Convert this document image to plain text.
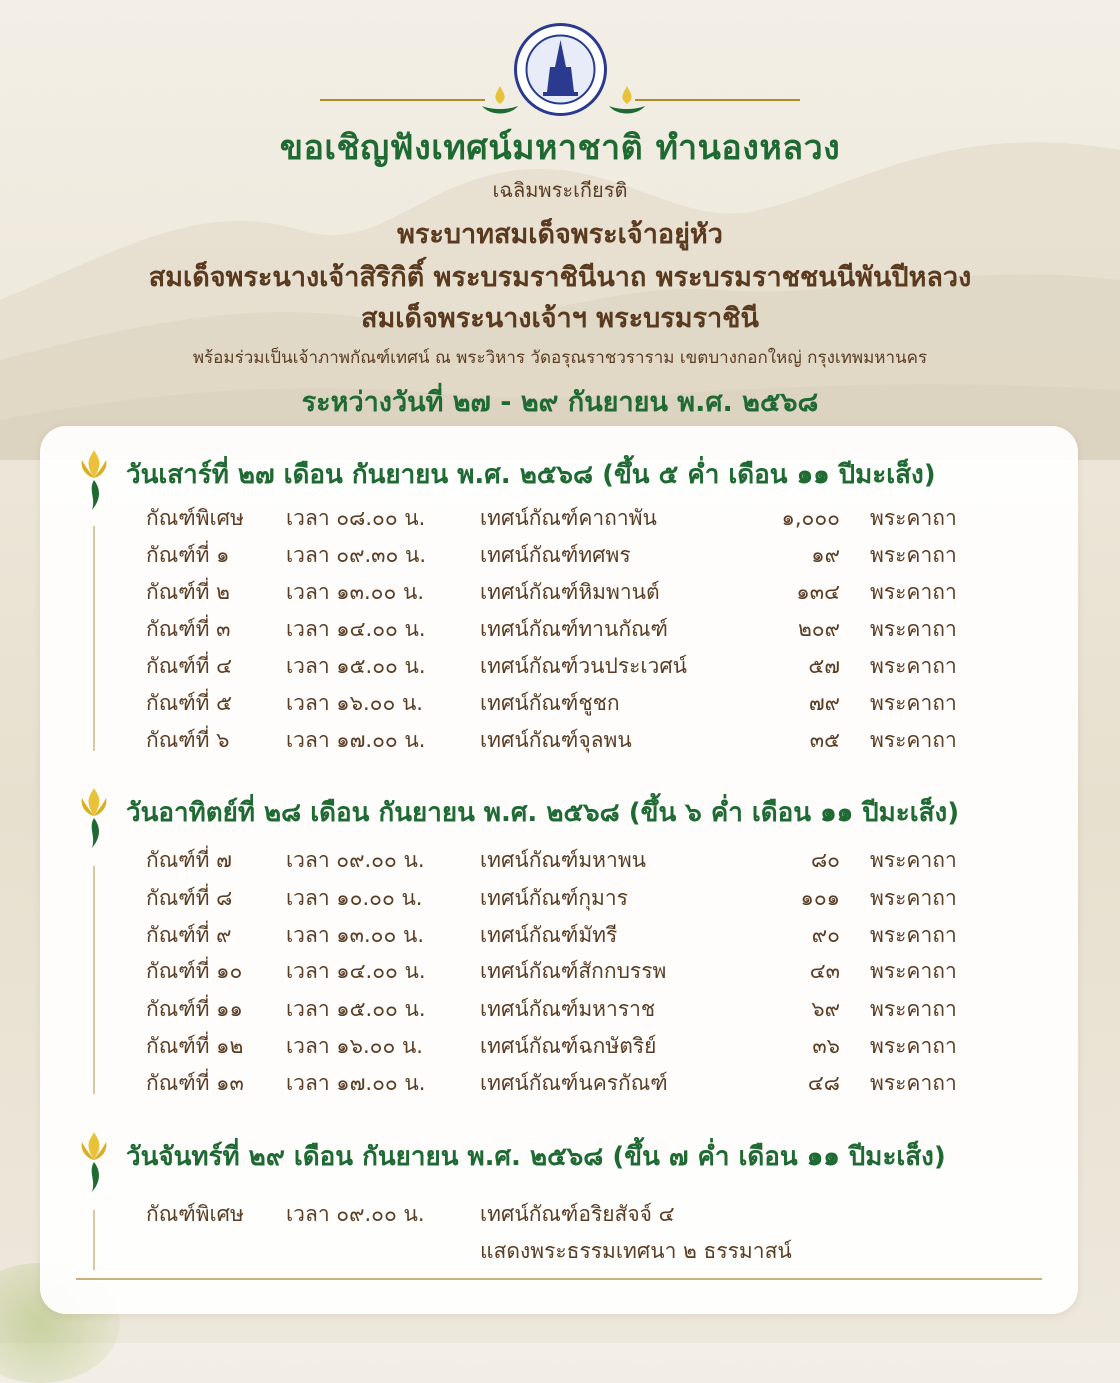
ขอเชิญฟังเทศน์มหาชาติ ทำนองหลวง
เฉลิมพระเกียรติ
พระบาทสมเด็จพระเจ้าอยู่หัว
สมเด็จพระนางเจ้าสิริกิติ์ พระบรมราชินีนาถ พระบรมราชชนนีพันปีหลวง
สมเด็จพระนางเจ้าฯ พระบรมราชินี
พร้อมร่วมเป็นเจ้าภาพกัณฑ์เทศน์ ณ พระวิหาร วัดอรุณราชวราราม เขตบางกอกใหญ่ กรุงเทพมหานคร
ระหว่างวันที่ ๒๗ - ๒๙ กันยายน พ.ศ. ๒๕๖๘
วันเสาร์ที่ ๒๗ เดือน กันยายน พ.ศ. ๒๕๖๘ (ขึ้น ๕ ค่ำ เดือน ๑๑ ปีมะเส็ง)
กัณฑ์พิเศษ เวลา ๐๘.๐๐ น.	เทศน์กัณฑ์คาถาพัน	๑,๐๐๐ พระคาถา
กัณฑ์ที่ ๑	เวลา ๐๙.๓๐ น.	เทศน์กัณฑ์ทศพร	๑๙ พระคาถา
กัณฑ์ที่ ๒	เวลา ๑๓.๐๐ น.	เทศน์กัณฑ์หิมพานต์	๑๓๔ พระคาถา
กัณฑ์ที่ ๓	เวลา ๑๔.๐๐ น.	เทศน์กัณฑ์ทานกัณฑ์	๒๐๙ พระคาถา
กัณฑ์ที่ ๔	เวลา ๑๕.๐๐ น.	เทศน์กัณฑ์วนประเวศน์	๕๗ พระคาถา
กัณฑ์ที่ ๕	เวลา ๑๖.๐๐ น.	เทศน์กัณฑ์ชูชก	๗๙ พระคาถา
กัณฑ์ที่ ๖	เวลา ๑๗.๐๐ น.	เทศน์กัณฑ์จุลพน	๓๕ พระคาถา
วันอาทิตย์ที่ ๒๘ เดือน กันยายน พ.ศ. ๒๕๖๘ (ขึ้น ๖ ค่ำ เดือน ๑๑ ปีมะเส็ง)
กัณฑ์ที่ ๗	เวลา ๐๙.๐๐ น.	เทศน์กัณฑ์มหาพน	๘๐ พระคาถา
กัณฑ์ที่ ๘	เวลา ๑๐.๐๐ น.	เทศน์กัณฑ์กุมาร	๑๐๑ พระคาถา
กัณฑ์ที่ ๙	เวลา ๑๓.๐๐ น.	เทศน์กัณฑ์มัทรี	๙๐ พระคาถา
กัณฑ์ที่ ๑๐ เวลา ๑๔.๐๐ น.	เทศน์กัณฑ์สักกบรรพ	๔๓ พระคาถา
กัณฑ์ที่ ๑๑ เวลา ๑๕.๐๐ น.	เทศน์กัณฑ์มหาราช	๖๙ พระคาถา
กัณฑ์ที่ ๑๒ เวลา ๑๖.๐๐ น.	เทศน์กัณฑ์ฉกษัตริย์	๓๖ พระคาถา
กัณฑ์ที่ ๑๓ เวลา ๑๗.๐๐ น.	เทศน์กัณฑ์นครกัณฑ์	๔๘ พระคาถา
วันจันทร์ที่ ๒๙ เดือน กันยายน พ.ศ. ๒๕๖๘ (ขึ้น ๗ ค่ำ เดือน ๑๑ ปีมะเส็ง)
กัณฑ์พิเศษ เวลา ๐๙.๐๐ น.	เทศน์กัณฑ์อริยสัจจ์ ๔
แสดงพระธรรมเทศนา ๒ ธรรมาสน์
